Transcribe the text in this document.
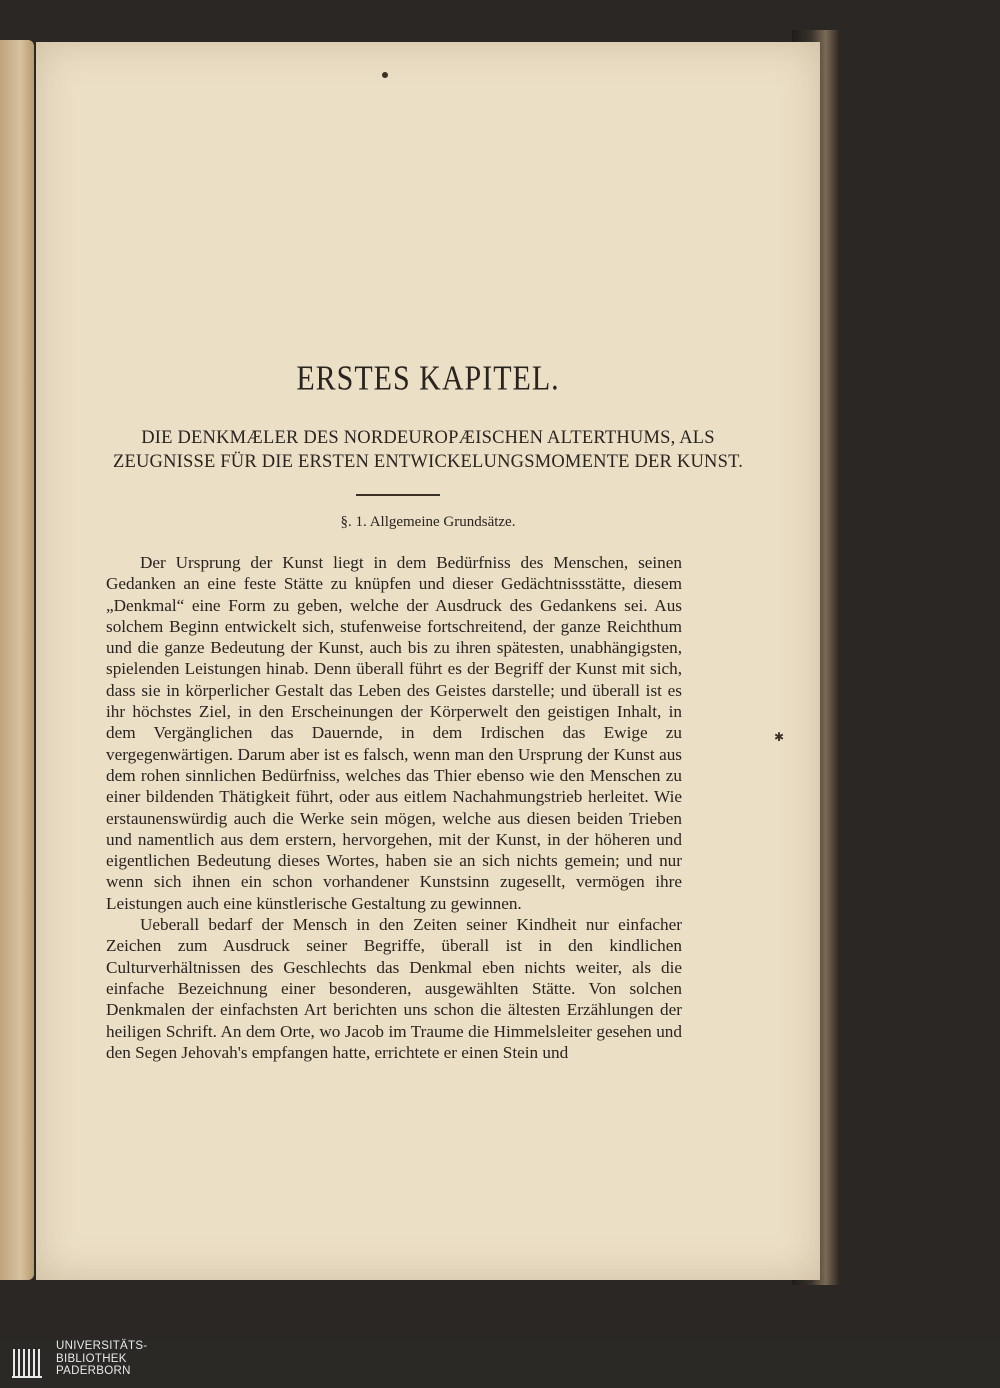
✱
ERSTES KAPITEL.
DIE DENKMÆLER DES NORDEUROPÆISCHEN ALTERTHUMS, ALS ZEUGNISSE FÜR DIE ERSTEN ENTWICKELUNGSMOMENTE DER KUNST.
§. 1. Allgemeine Grundsätze.

Der Ursprung der Kunst liegt in dem Bedürfniss des Menschen, seinen Gedanken an eine feste Stätte zu knüpfen und dieser Gedächtnissstätte, diesem „Denkmal“ eine Form zu geben, welche der Ausdruck des Gedankens sei. Aus solchem Beginn entwickelt sich, stufenweise fortschreitend, der ganze Reichthum und die ganze Bedeutung der Kunst, auch bis zu ihren spätesten, unabhängigsten, spielenden Leistungen hinab. Denn überall führt es der Begriff der Kunst mit sich, dass sie in körperlicher Gestalt das Leben des Geistes darstelle; und überall ist es ihr höchstes Ziel, in den Erscheinungen der Körperwelt den geistigen Inhalt, in dem Vergänglichen das Dauernde, in dem Irdischen das Ewige zu vergegenwärtigen. Darum aber ist es falsch, wenn man den Ursprung der Kunst aus dem rohen sinnlichen Bedürfniss, welches das Thier ebenso wie den Menschen zu einer bildenden Thätigkeit führt, oder aus eitlem Nachahmungstrieb herleitet. Wie erstaunenswürdig auch die Werke sein mögen, welche aus diesen beiden Trieben und namentlich aus dem erstern, hervorgehen, mit der Kunst, in der höheren und eigentlichen Bedeutung dieses Wortes, haben sie an sich nichts gemein; und nur wenn sich ihnen ein schon vorhandener Kunstsinn zugesellt, vermögen ihre Leistungen auch eine künstlerische Gestaltung zu gewinnen.

Ueberall bedarf der Mensch in den Zeiten seiner Kindheit nur einfacher Zeichen zum Ausdruck seiner Begriffe, überall ist in den kindlichen Culturverhältnissen des Geschlechts das Denkmal eben nichts weiter, als die einfache Bezeichnung einer besonderen, ausgewählten Stätte. Von solchen Denkmalen der einfachsten Art berichten uns schon die ältesten Erzählungen der heiligen Schrift. An dem Orte, wo Jacob im Traume die Himmelsleiter gesehen und den Segen Jehovah's empfangen hatte, errichtete er einen Stein und

UNIVERSITÄTS-
BIBLIOTHEK
PADERBORN
